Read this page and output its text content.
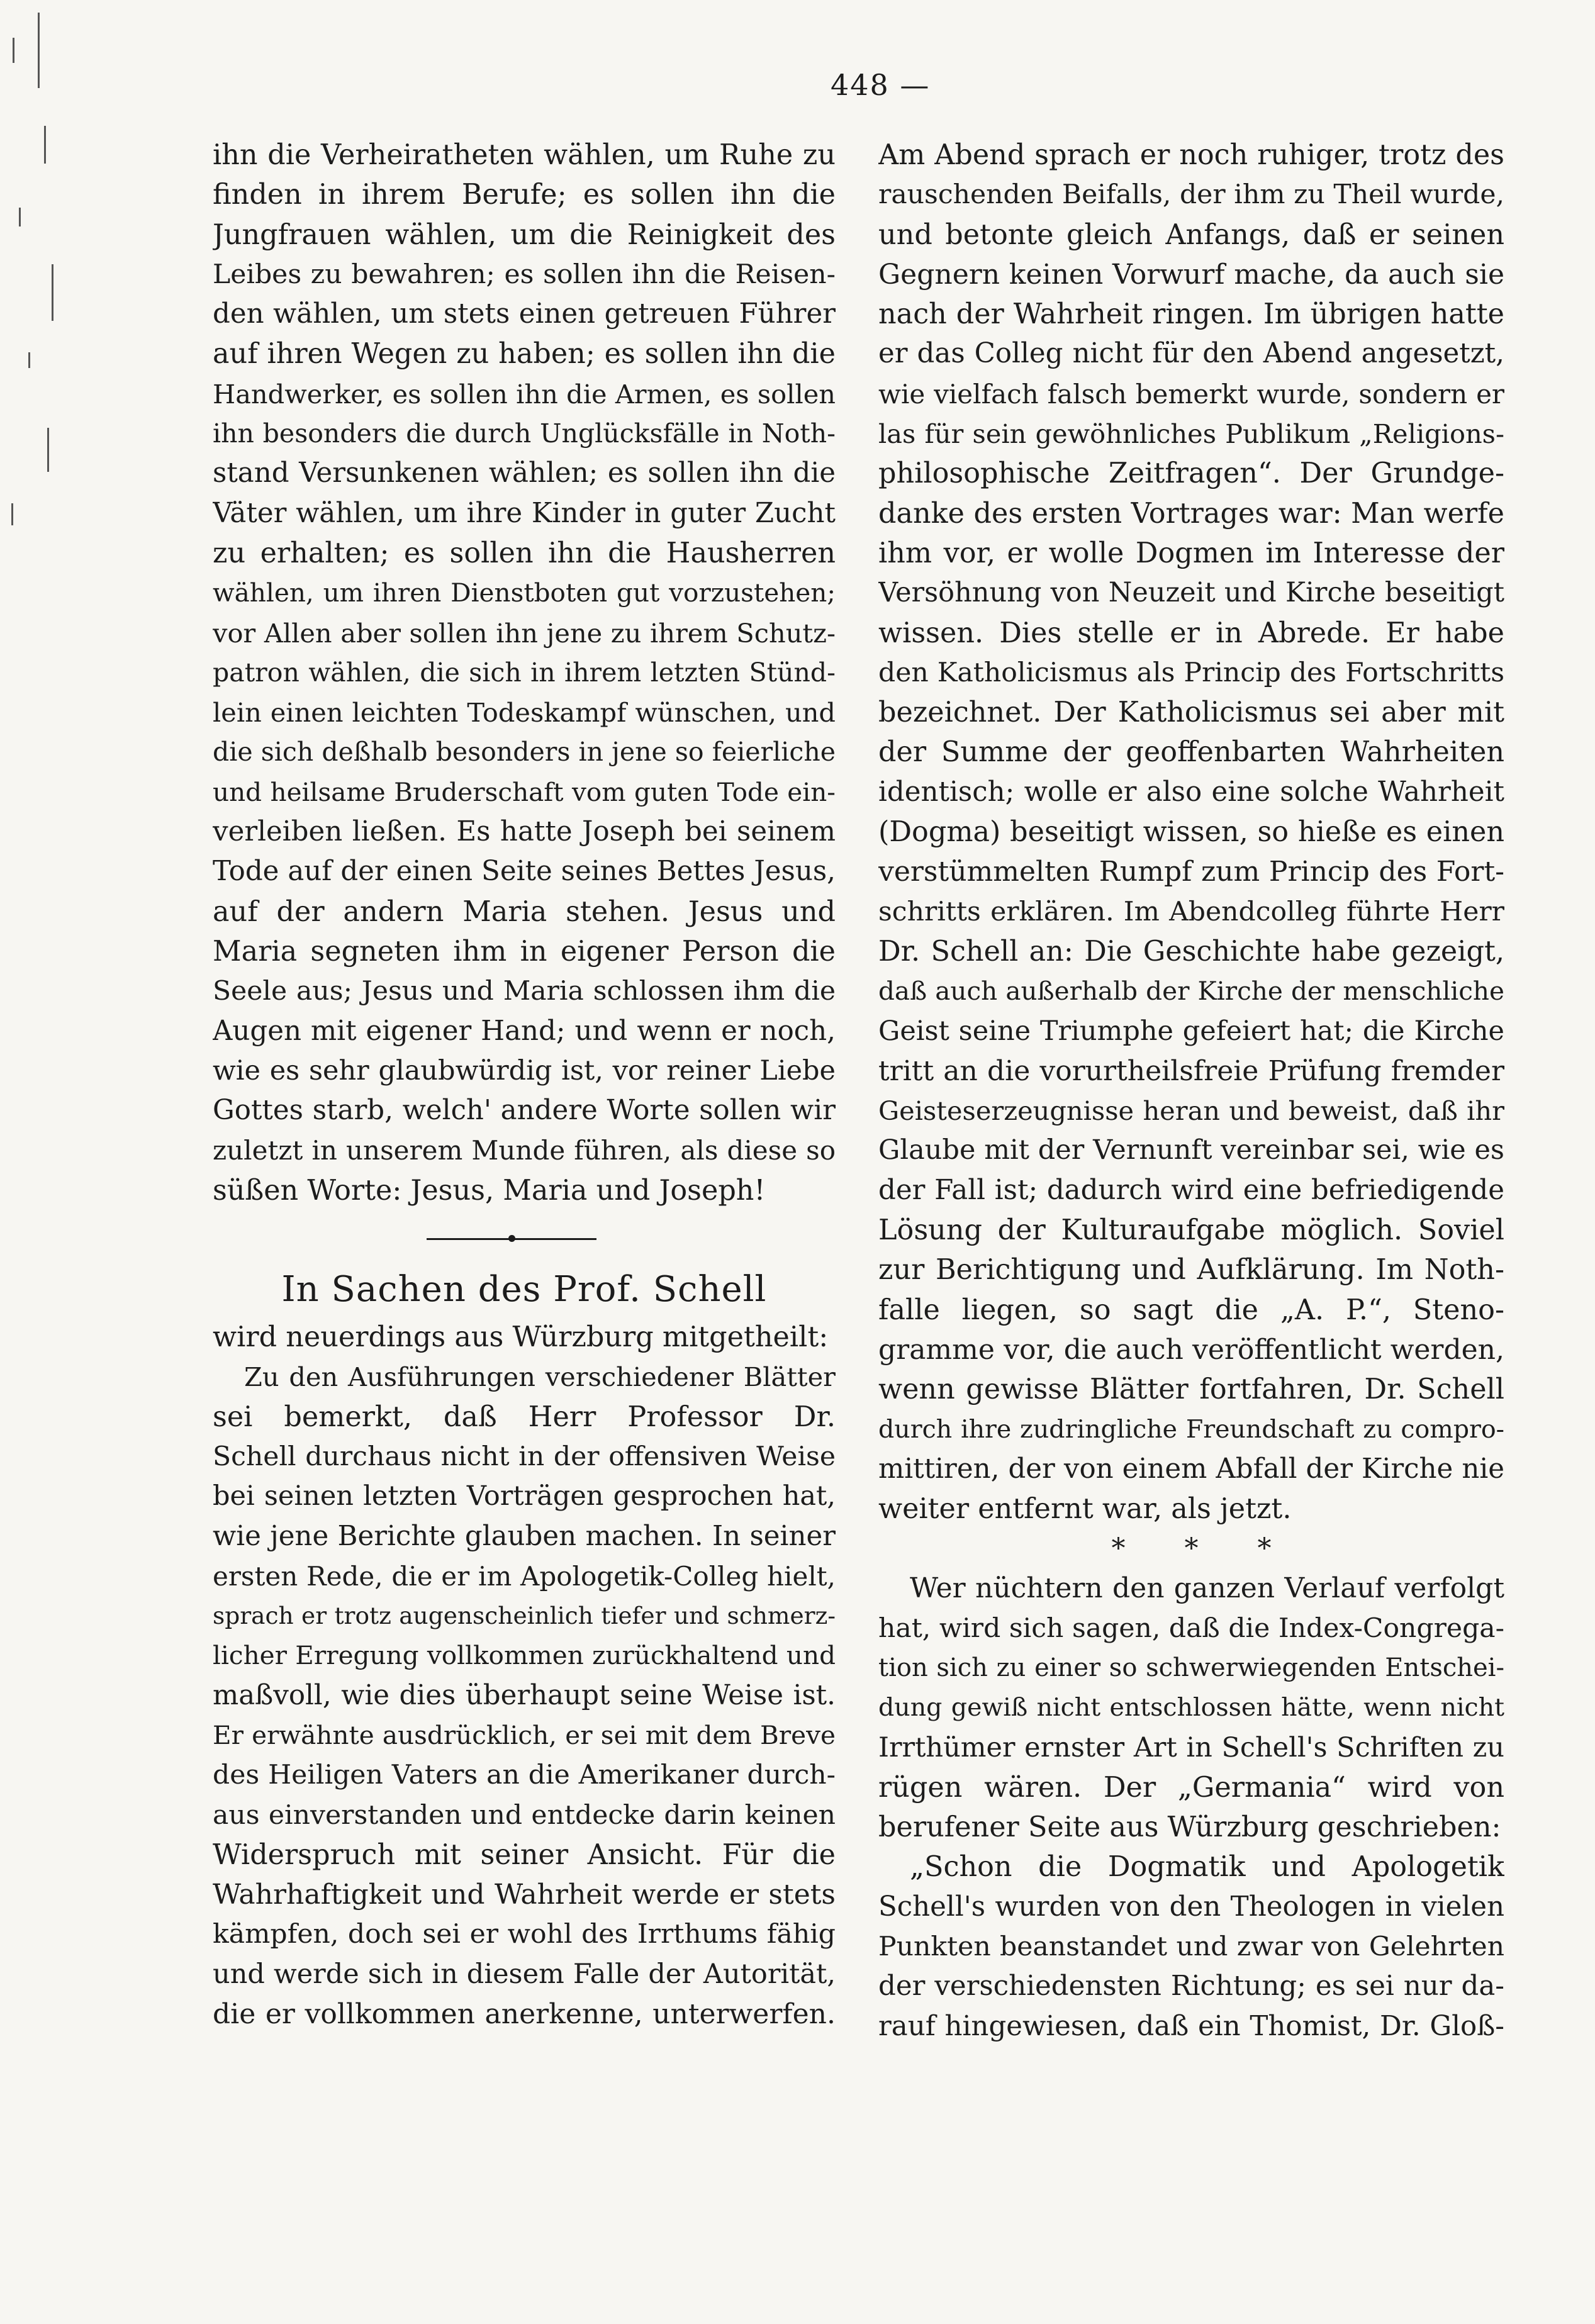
448 —
ihn die Verheiratheten wählen, um Ruhe zu
finden in ihrem Berufe; es sollen ihn die
Jungfrauen wählen, um die Reinigkeit des
Leibes zu bewahren; es sollen ihn die Reisen-
den wählen, um stets einen getreuen Führer
auf ihren Wegen zu haben; es sollen ihn die
Handwerker, es sollen ihn die Armen, es sollen
ihn besonders die durch Unglücksfälle in Noth-
stand Versunkenen wählen; es sollen ihn die
Väter wählen, um ihre Kinder in guter Zucht
zu erhalten; es sollen ihn die Hausherren
wählen, um ihren Dienstboten gut vorzustehen;
vor Allen aber sollen ihn jene zu ihrem Schutz-
patron wählen, die sich in ihrem letzten Stünd-
lein einen leichten Todeskampf wünschen, und
die sich deßhalb besonders in jene so feierliche
und heilsame Bruderschaft vom guten Tode ein-
verleiben ließen. Es hatte Joseph bei seinem
Tode auf der einen Seite seines Bettes Jesus,
auf der andern Maria stehen. Jesus und
Maria segneten ihm in eigener Person die
Seele aus; Jesus und Maria schlossen ihm die
Augen mit eigener Hand; und wenn er noch,
wie es sehr glaubwürdig ist, vor reiner Liebe
Gottes starb, welch' andere Worte sollen wir
zuletzt in unserem Munde führen, als diese so
süßen Worte: Jesus, Maria und Joseph!
In Sachen des Prof. Schell
wird neuerdings aus Würzburg mitgetheilt:
Zu den Ausführungen verschiedener Blätter
sei bemerkt, daß Herr Professor Dr.
Schell durchaus nicht in der offensiven Weise
bei seinen letzten Vorträgen gesprochen hat,
wie jene Berichte glauben machen. In seiner
ersten Rede, die er im Apologetik-Colleg hielt,
sprach er trotz augenscheinlich tiefer und schmerz-
licher Erregung vollkommen zurückhaltend und
maßvoll, wie dies überhaupt seine Weise ist.
Er erwähnte ausdrücklich, er sei mit dem Breve
des Heiligen Vaters an die Amerikaner durch-
aus einverstanden und entdecke darin keinen
Widerspruch mit seiner Ansicht. Für die
Wahrhaftigkeit und Wahrheit werde er stets
kämpfen, doch sei er wohl des Irrthums fähig
und werde sich in diesem Falle der Autorität,
die er vollkommen anerkenne, unterwerfen.
Am Abend sprach er noch ruhiger, trotz des
rauschenden Beifalls, der ihm zu Theil wurde,
und betonte gleich Anfangs, daß er seinen
Gegnern keinen Vorwurf mache, da auch sie
nach der Wahrheit ringen. Im übrigen hatte
er das Colleg nicht für den Abend angesetzt,
wie vielfach falsch bemerkt wurde, sondern er
las für sein gewöhnliches Publikum „Religions-
philosophische Zeitfragen“. Der Grundge-
danke des ersten Vortrages war: Man werfe
ihm vor, er wolle Dogmen im Interesse der
Versöhnung von Neuzeit und Kirche beseitigt
wissen. Dies stelle er in Abrede. Er habe
den Katholicismus als Princip des Fortschritts
bezeichnet. Der Katholicismus sei aber mit
der Summe der geoffenbarten Wahrheiten
identisch; wolle er also eine solche Wahrheit
(Dogma) beseitigt wissen, so hieße es einen
verstümmelten Rumpf zum Princip des Fort-
schritts erklären. Im Abendcolleg führte Herr
Dr. Schell an: Die Geschichte habe gezeigt,
daß auch außerhalb der Kirche der menschliche
Geist seine Triumphe gefeiert hat; die Kirche
tritt an die vorurtheilsfreie Prüfung fremder
Geisteserzeugnisse heran und beweist, daß ihr
Glaube mit der Vernunft vereinbar sei, wie es
der Fall ist; dadurch wird eine befriedigende
Lösung der Kulturaufgabe möglich. Soviel
zur Berichtigung und Aufklärung. Im Noth-
falle liegen, so sagt die „A. P.“, Steno-
gramme vor, die auch veröffentlicht werden,
wenn gewisse Blätter fortfahren, Dr. Schell
durch ihre zudringliche Freundschaft zu compro-
mittiren, der von einem Abfall der Kirche nie
weiter entfernt war, als jetzt.
* * *
Wer nüchtern den ganzen Verlauf verfolgt
hat, wird sich sagen, daß die Index-Congrega-
tion sich zu einer so schwerwiegenden Entschei-
dung gewiß nicht entschlossen hätte, wenn nicht
Irrthümer ernster Art in Schell's Schriften zu
rügen wären. Der „Germania“ wird von
berufener Seite aus Würzburg geschrieben:
„Schon die Dogmatik und Apologetik
Schell's wurden von den Theologen in vielen
Punkten beanstandet und zwar von Gelehrten
der verschiedensten Richtung; es sei nur da-
rauf hingewiesen, daß ein Thomist, Dr. Gloß-
